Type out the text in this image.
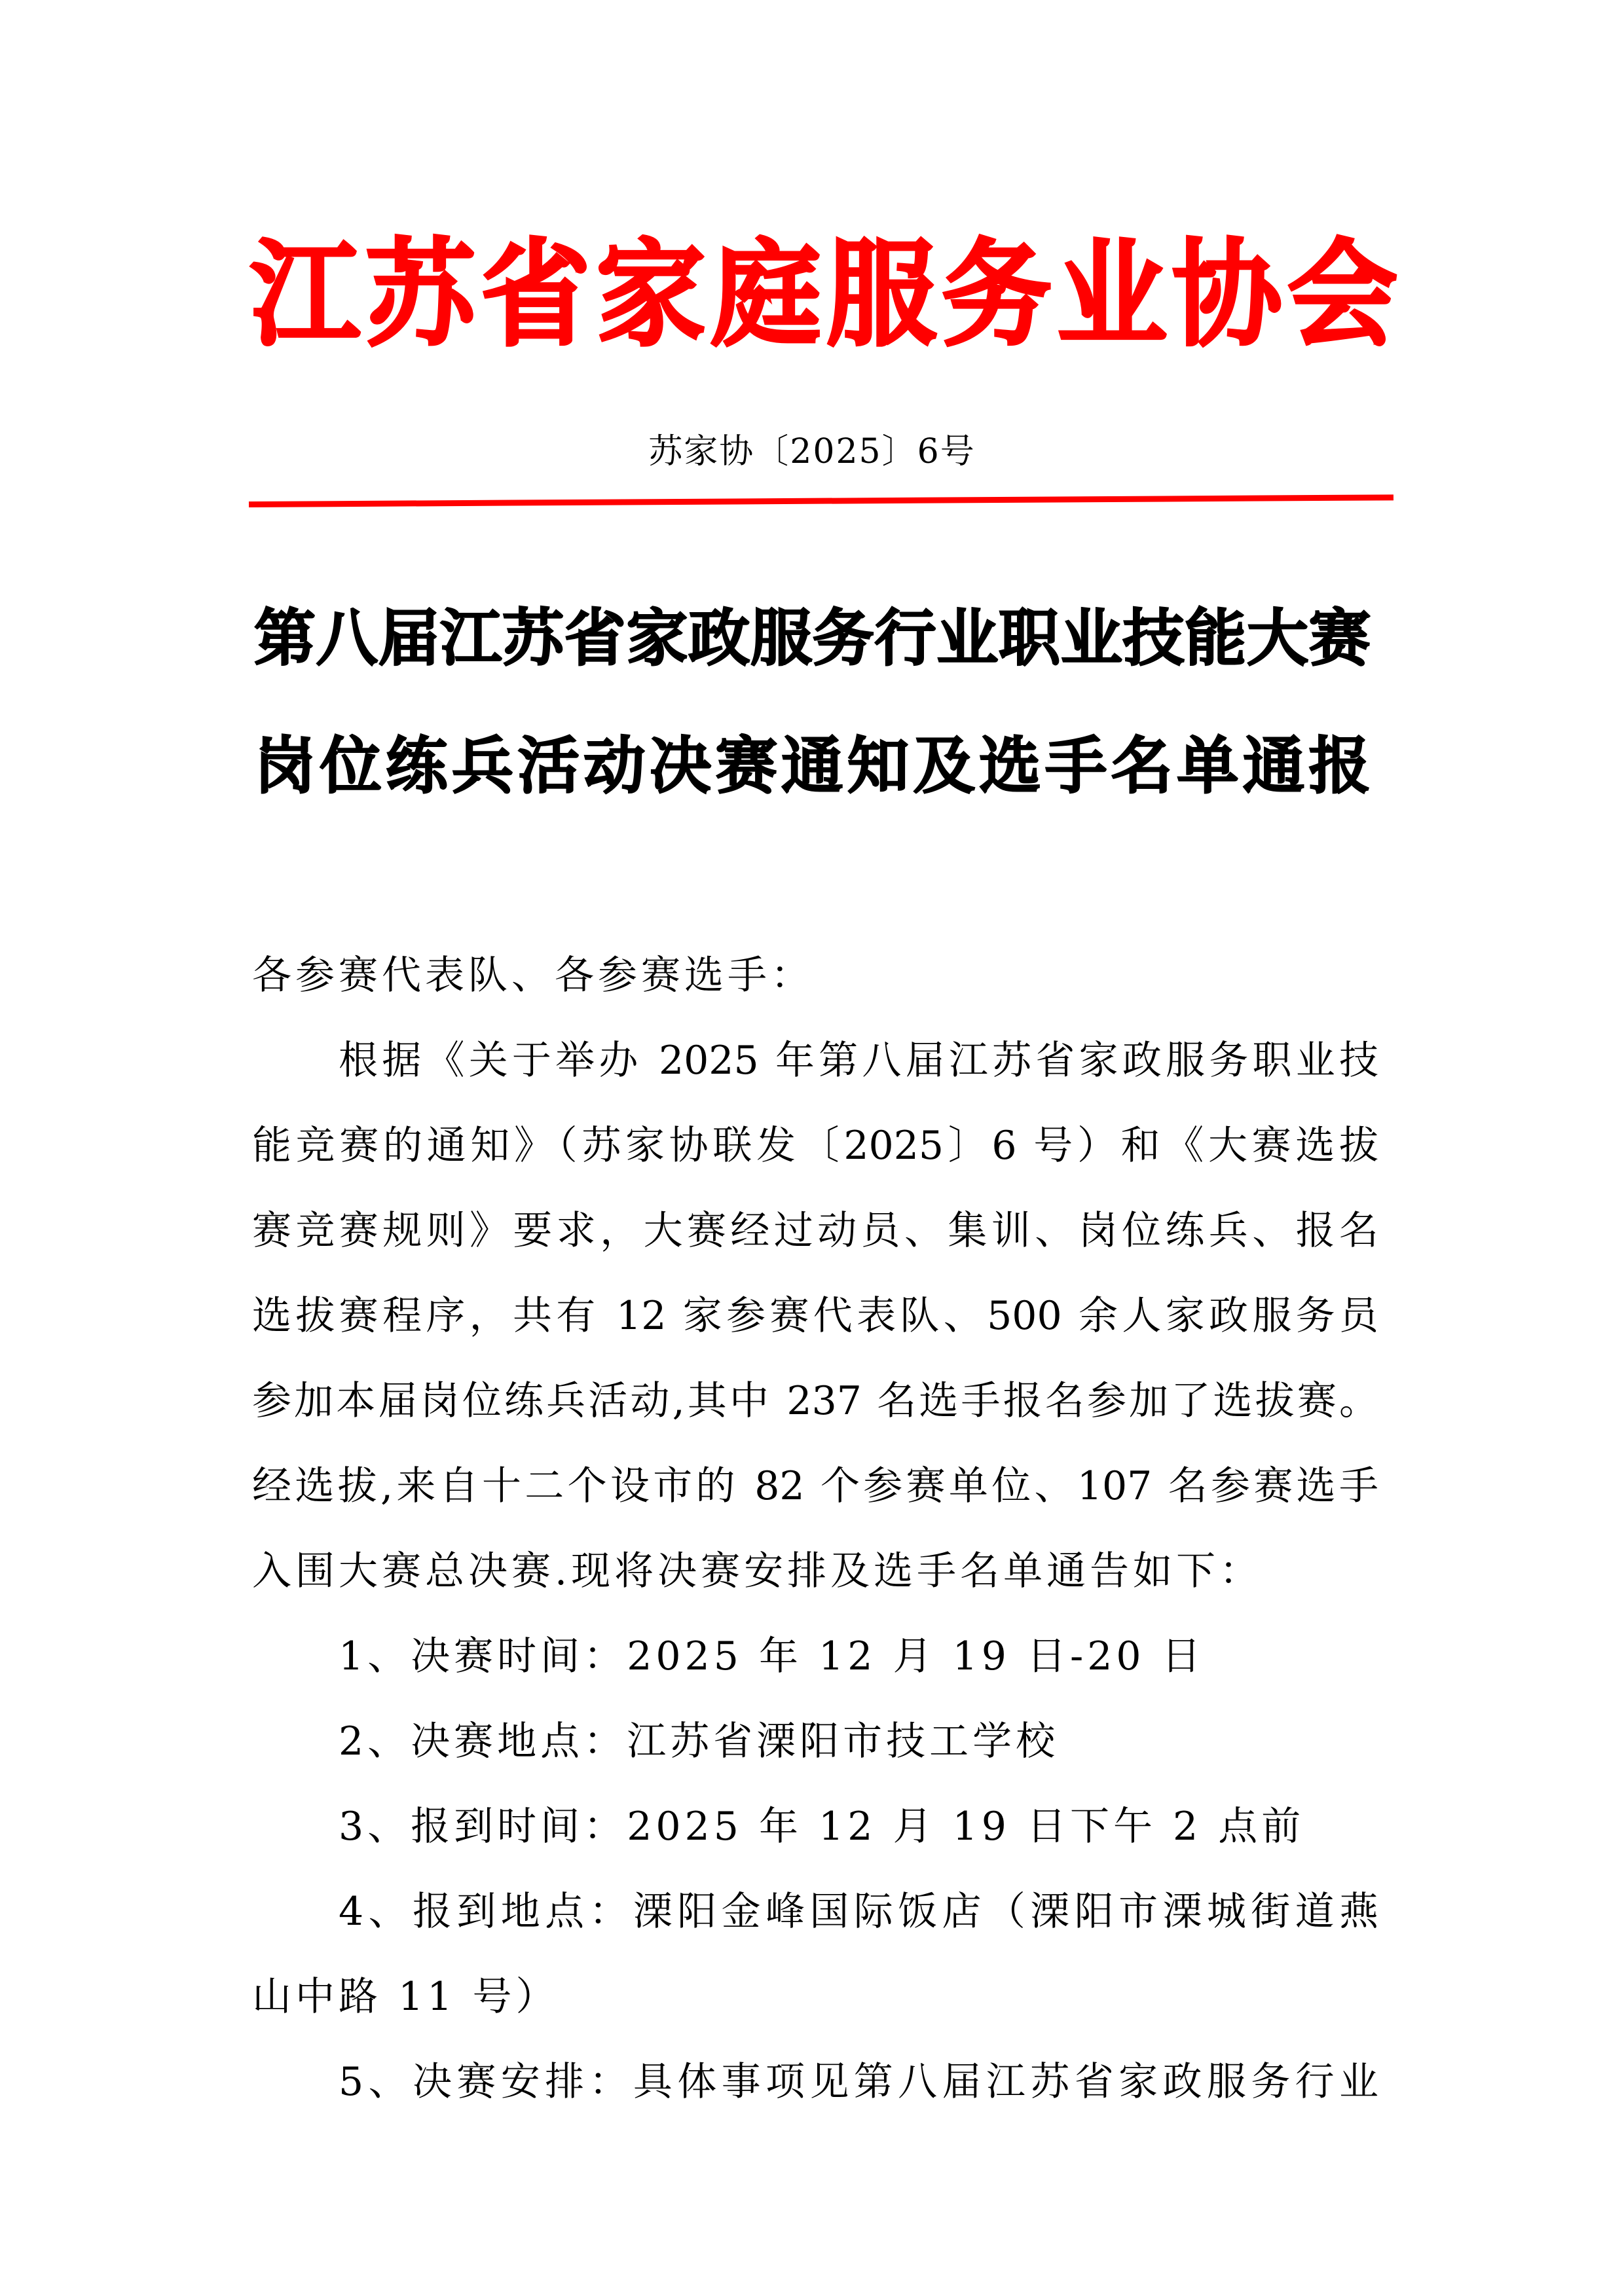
江 苏 省 家 庭 服 务 业 协 会
苏家协〔2025〕6号
第 八 届 江 苏 省 家 政 服 务 行 业 职 业 技 能 大 赛
岗 位 练 兵 活 动 决 赛 通 知 及 选 手 名 单 通 报
各参赛代表队、各参赛选手：
根据《关于举办 2025 年第八届江苏省家政服务职业技
能竞赛的通知》（苏家协联发〔2025〕6 号）和《大赛选拔
赛竞赛规则》要求，大赛经过动员、集训、岗位练兵、报名
选拔赛程序，共有 12 家参赛代表队、500 余人家政服务员
参加本届岗位练兵活动,其中 237 名选手报名参加了选拔赛。
经选拔,来自十二个设市的 82 个参赛单位、107 名参赛选手
入围大赛总决赛.现将决赛安排及选手名单通告如下：
1、决赛时间：2025 年 12 月 19 日-20 日
2、决赛地点：江苏省溧阳市技工学校
3、报到时间：2025 年 12 月 19 日下午 2 点前
4、报到地点：溧阳金峰国际饭店（溧阳市溧城街道燕
山中路 11 号）
5、决赛安排：具体事项见第八届江苏省家政服务行业
